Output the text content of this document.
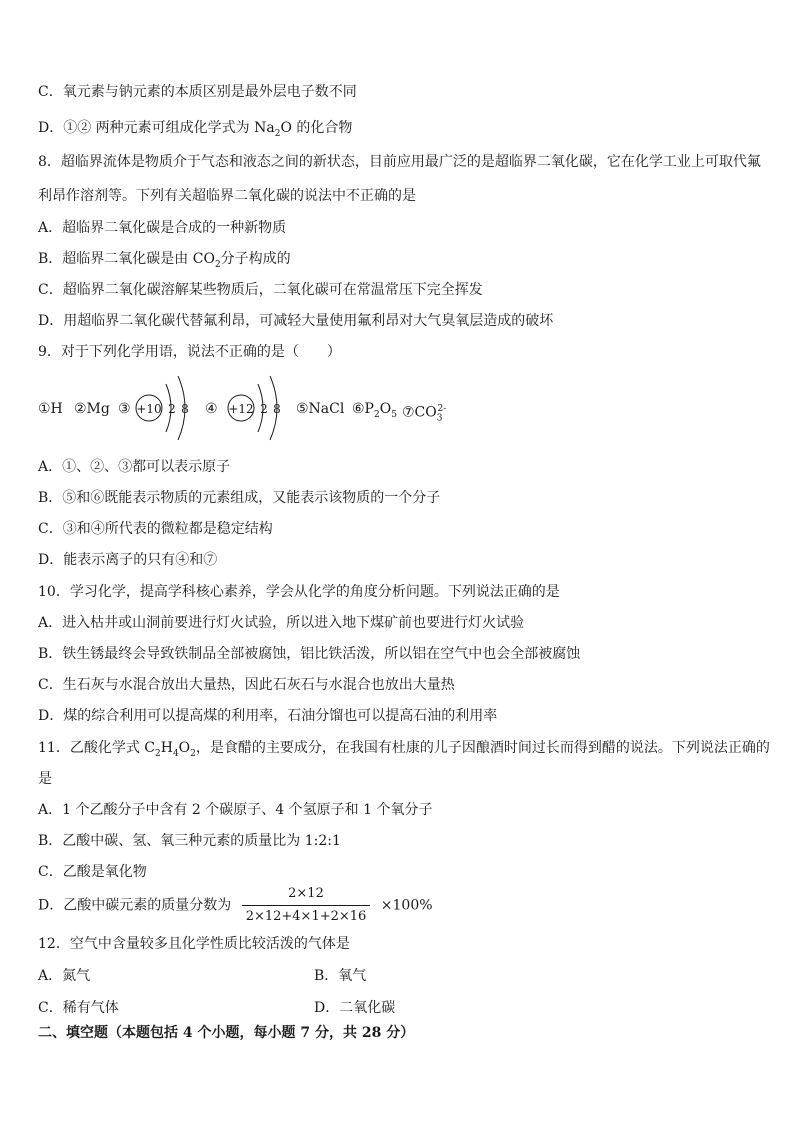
C．氧元素与钠元素的本质区别是最外层电子数不同
D．①② 两种元素可组成化学式为 $Na_2O$ 的化合物
8．超临界流体是物质介于气态和液态之间的新状态，目前应用最广泛的是超临界二氧化碳，它在化学工业上可取代氟
利昂作溶剂等。下列有关超临界二氧化碳的说法中不正确的是
A．超临界二氧化碳是合成的一种新物质
B．超临界二氧化碳是由 $CO_2$分子构成的
C．超临界二氧化碳溶解某些物质后，二氧化碳可在常温常压下完全挥发
D．用超临界二氧化碳代替氟利昂，可减轻大量使用氟利昂对大气臭氧层造成的破坏
9．对于下列化学用语，说法不正确的是（　　）
①H ②Mg ③ +10 2 8 ④ +12 2 8 ⑤NaCl $⑥P_2O_5$ $⑦CO_3^{2-}$
A．①、②、③都可以表示原子
B．⑤和⑥既能表示物质的元素组成，又能表示该物质的一个分子
C．③和④所代表的微粒都是稳定结构
D．能表示离子的只有④和⑦
10．学习化学，提高学科核心素养，学会从化学的角度分析问题。下列说法正确的是
A．进入枯井或山洞前要进行灯火试验，所以进入地下煤矿前也要进行灯火试验
B．铁生锈最终会导致铁制品全部被腐蚀，铝比铁活泼，所以铝在空气中也会全部被腐蚀
C．生石灰与水混合放出大量热，因此石灰石与水混合也放出大量热
D．煤的综合利用可以提高煤的利用率，石油分馏也可以提高石油的利用率
11．乙酸化学式 $C_2H_4O_2$，是食醋的主要成分，在我国有杜康的儿子因酿酒时间过长而得到醋的说法。下列说法正确的
是
A．1 个乙酸分子中含有 2 个碳原子、4 个氢原子和 1 个氧分子
B．乙酸中碳、氢、氧三种元素的质量比为 1:2:1
C．乙酸是氧化物
D．乙酸中碳元素的质量分数为 $\frac{2\times 12}{2\times 12+4\times 1+2\times 16} \times 100\%$
12．空气中含量较多且化学性质比较活泼的气体是
A．氮气	B．氧气
C．稀有气体	D．二氧化碳
二、填空题（本题包括 4 个小题，每小题 7 分，共 28 分）
